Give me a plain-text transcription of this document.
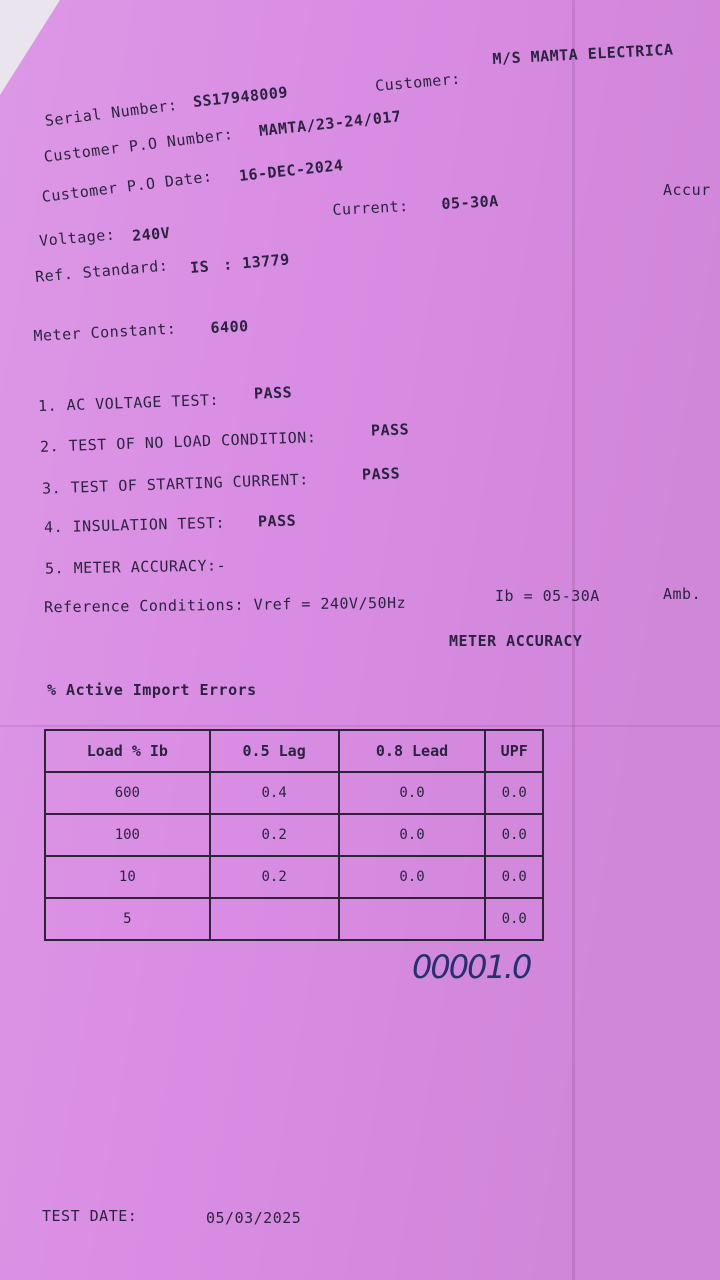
Customer:
M/S MAMTA ELECTRICA
Serial Number: SS17948009
Customer P.O Number:
MAMTA/23-24/017
Customer P.O Date: 16-DEC-2024
Accur
Current: 05-30A
Voltage: 240V
Ref. Standard: IS : 13779
Meter Constant: 6400
1. AC VOLTAGE TEST: PASS
2. TEST OF NO LOAD CONDITION:	PASS
3. TEST OF STARTING CURRENT:	PASS
4. INSULATION TEST: PASS
5. METER ACCURACY:-
Reference Conditions: Vref = 240V/50Hz	Ib = 05-30A	Amb.
METER ACCURACY
% Active Import Errors
Load % Ib	0.5 Lag	0.8 Lead	UPF
600	0.4	0.0	0.0
100	0.2	0.0	0.0
10	0.2	0.0	0.0
5			0.0
00001.0
TEST DATE:	05/03/2025
